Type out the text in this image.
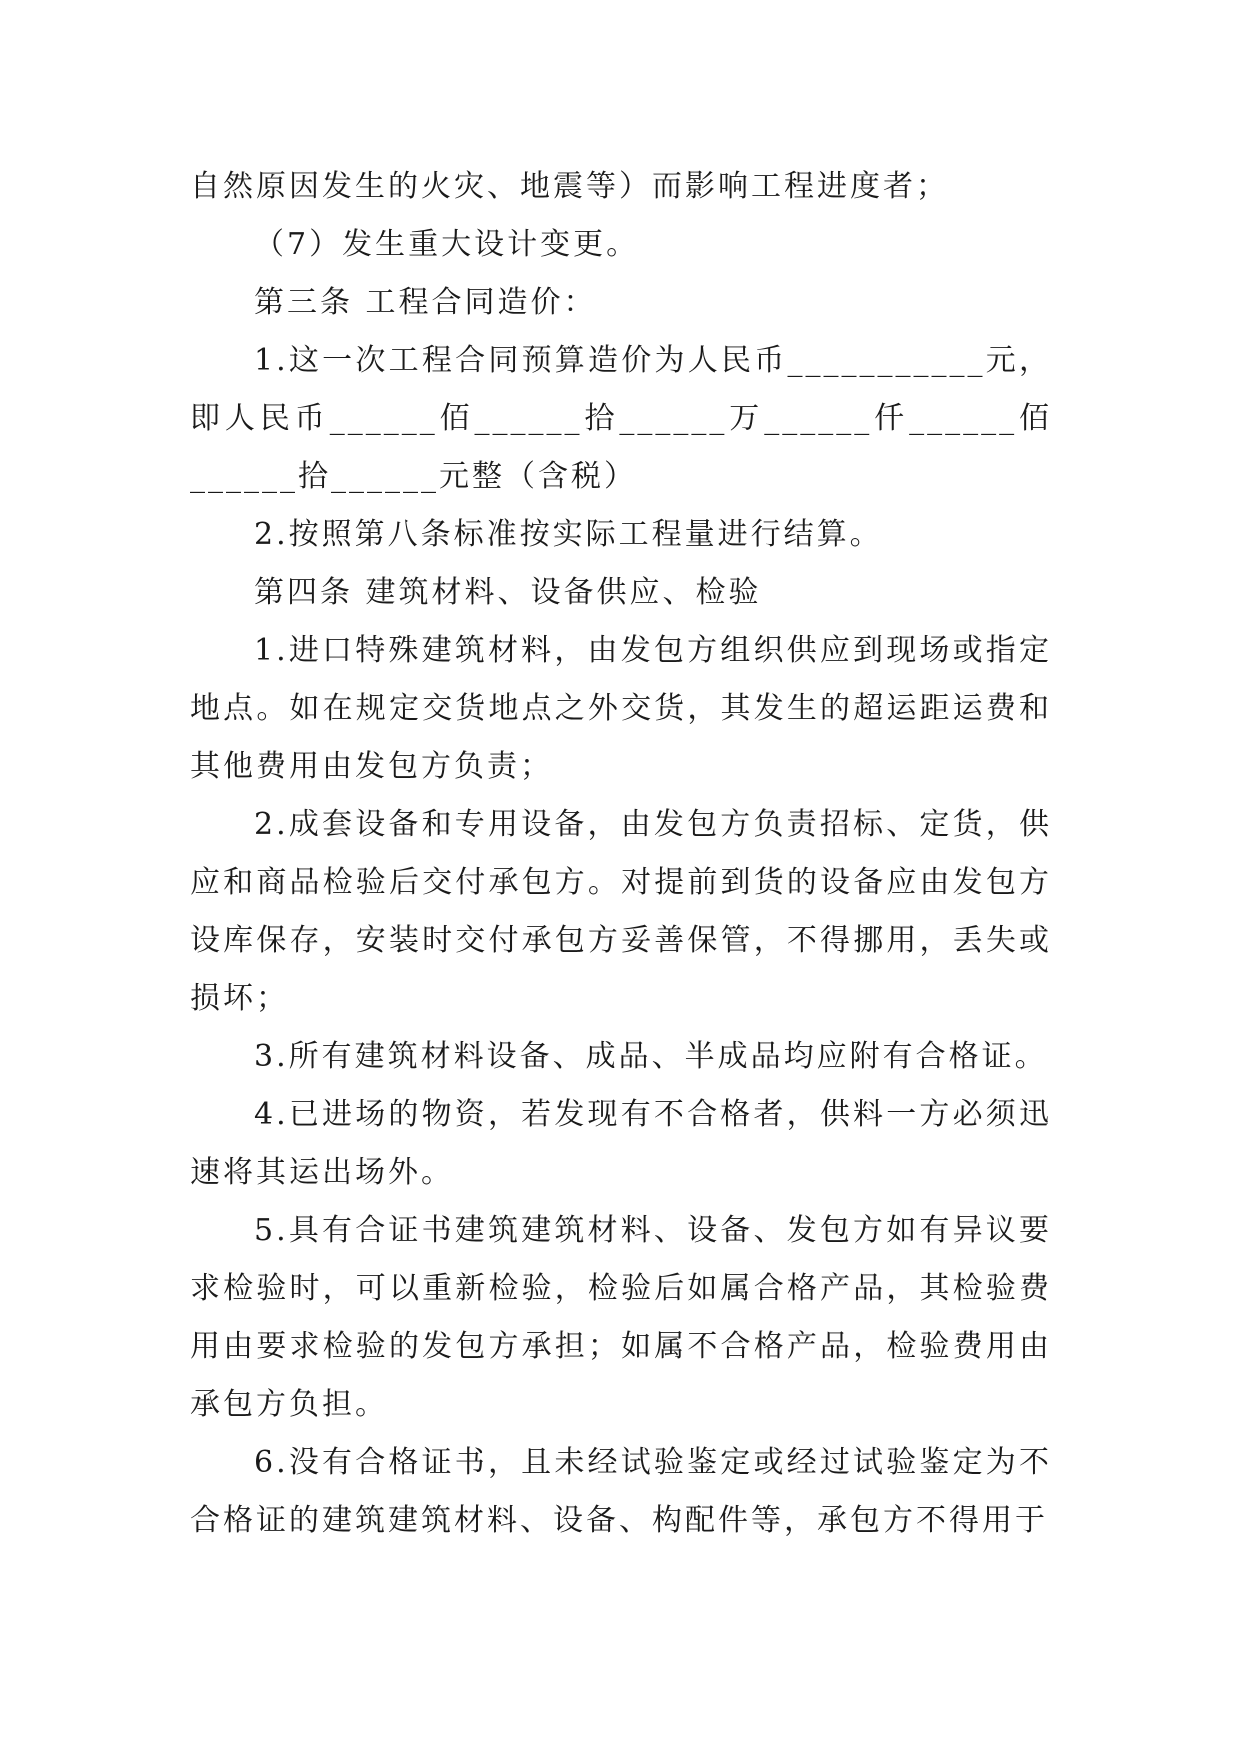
自然原因发生的火灾、地震等）而影响工程进度者；

（7）发生重大设计变更。

第三条 工程合同造价：

1.这一次工程合同预算造价为人民币___________元，即人民币______佰______拾______万______仟______佰______拾______元整（含税）

2.按照第八条标准按实际工程量进行结算。

第四条 建筑材料、设备供应、检验

1.进口特殊建筑材料，由发包方组织供应到现场或指定地点。如在规定交货地点之外交货，其发生的超运距运费和其他费用由发包方负责；

2.成套设备和专用设备，由发包方负责招标、定货，供应和商品检验后交付承包方。对提前到货的设备应由发包方设库保存，安装时交付承包方妥善保管，不得挪用，丢失或损坏；

3.所有建筑材料设备、成品、半成品均应附有合格证。

4.已进场的物资，若发现有不合格者，供料一方必须迅速将其运出场外。

5.具有合证书建筑建筑材料、设备、发包方如有异议要求检验时，可以重新检验，检验后如属合格产品，其检验费用由要求检验的发包方承担；如属不合格产品，检验费用由承包方负担。

6.没有合格证书，且未经试验鉴定或经过试验鉴定为不合格证的建筑建筑材料、设备、构配件等，承包方不得用于
